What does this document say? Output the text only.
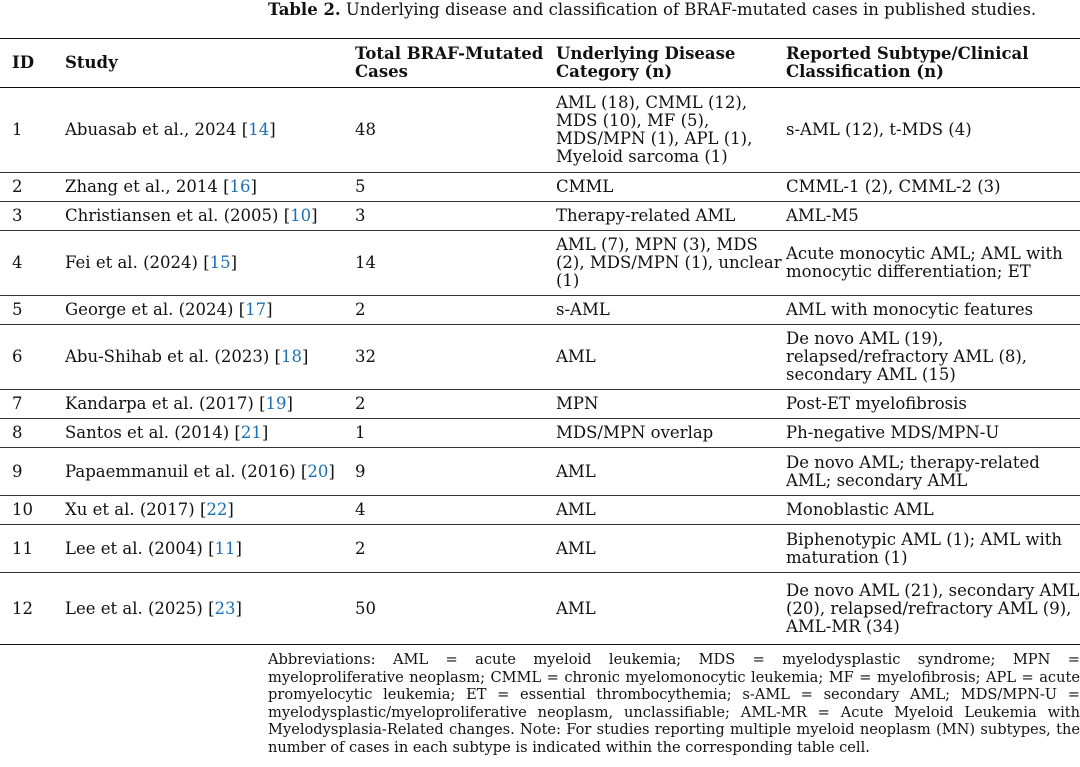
Table 2. Underlying disease and classification of BRAF-mutated cases in published studies.
ID	Study	Total BRAF-Mutated Cases	Underlying Disease Category (n)	Reported Subtype/Clinical Classification (n)
1	Abuasab et al., 2024 [14]	48	AML (18), CMML (12), MDS (10), MF (5), MDS/MPN (1), APL (1), Myeloid sarcoma (1)	s-AML (12), t-MDS (4)
2	Zhang et al., 2014 [16]	5	CMML	CMML-1 (2), CMML-2 (3)
3	Christiansen et al. (2005) [10]	3	Therapy-related AML	AML-M5
4	Fei et al. (2024) [15]	14	AML (7), MPN (3), MDS (2), MDS/MPN (1), unclear (1)	Acute monocytic AML; AML with monocytic differentiation; ET
5	George et al. (2024) [17]	2	s-AML	AML with monocytic features
6	Abu-Shihab et al. (2023) [18]	32	AML	De novo AML (19), relapsed/refractory AML (8), secondary AML (15)
7	Kandarpa et al. (2017) [19]	2	MPN	Post-ET myelofibrosis
8	Santos et al. (2014) [21]	1	MDS/MPN overlap	Ph-negative MDS/MPN-U
9	Papaemmanuil et al. (2016) [20]	9	AML	De novo AML; therapy-related AML; secondary AML
10	Xu et al. (2017) [22]	4	AML	Monoblastic AML
11	Lee et al. (2004) [11]	2	AML	Biphenotypic AML (1); AML with maturation (1)
12	Lee et al. (2025) [23]	50	AML	De novo AML (21), secondary AML (20), relapsed/refractory AML (9), AML-MR (34)
Abbreviations: AML = acute myeloid leukemia; MDS = myelodysplastic syndrome; MPN = myeloproliferative neoplasm; CMML = chronic myelomonocytic leukemia; MF = myelofibrosis; APL = acute promyelocytic leukemia; ET = essential thrombocythemia; s-AML = secondary AML; MDS/MPN-U = myelodysplastic/myeloproliferative neoplasm, unclassifiable; AML-MR = Acute Myeloid Leukemia with Myelodysplasia-Related changes. Note: For studies reporting multiple myeloid neoplasm (MN) subtypes, the number of cases in each subtype is indicated within the corresponding table cell.
